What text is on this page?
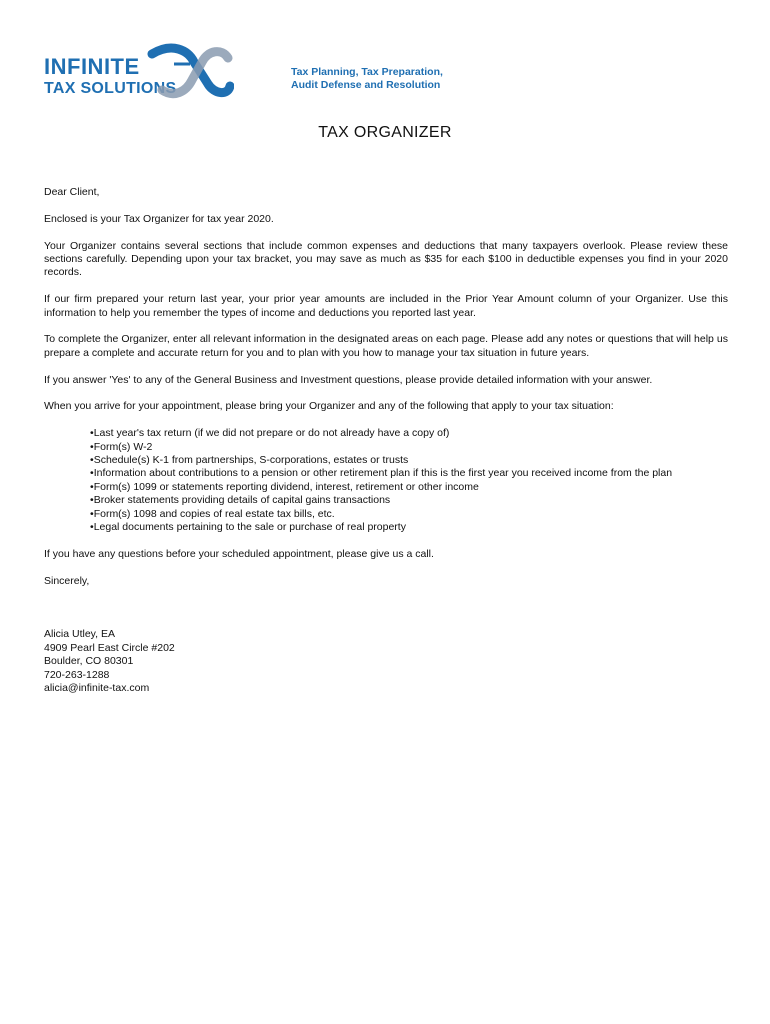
INFINITE
TAX SOLUTIONS
Tax Planning, Tax Preparation,
Audit Defense and Resolution
TAX ORGANIZER

Dear Client,

Enclosed is your Tax Organizer for tax year 2020.

Your Organizer contains several sections that include common expenses and deductions that many taxpayers overlook. Please review these sections carefully. Depending upon your tax bracket, you may save as much as $35 for each $100 in deductible expenses you find in your 2020 records.

If our firm prepared your return last year, your prior year amounts are included in the Prior Year Amount column of your Organizer. Use this information to help you remember the types of income and deductions you reported last year.

To complete the Organizer, enter all relevant information in the designated areas on each page. Please add any notes or questions that will help us prepare a complete and accurate return for you and to plan with you how to manage your tax situation in future years.

If you answer 'Yes' to any of the General Business and Investment questions, please provide detailed information with your answer.

When you arrive for your appointment, please bring your Organizer and any of the following that apply to your tax situation:

• Last year's tax return (if we did not prepare or do not already have a copy of)
• Form(s) W-2
• Schedule(s) K-1 from partnerships, S-corporations, estates or trusts
• Information about contributions to a pension or other retirement plan if this is the first year you received income from the plan
• Form(s) 1099 or statements reporting dividend, interest, retirement or other income
• Broker statements providing details of capital gains transactions
• Form(s) 1098 and copies of real estate tax bills, etc.
• Legal documents pertaining to the sale or purchase of real property

If you have any questions before your scheduled appointment, please give us a call.

Sincerely,

Alicia Utley, EA

4909 Pearl East Circle #202

Boulder, CO 80301

720-263-1288

alicia@infinite-tax.com
